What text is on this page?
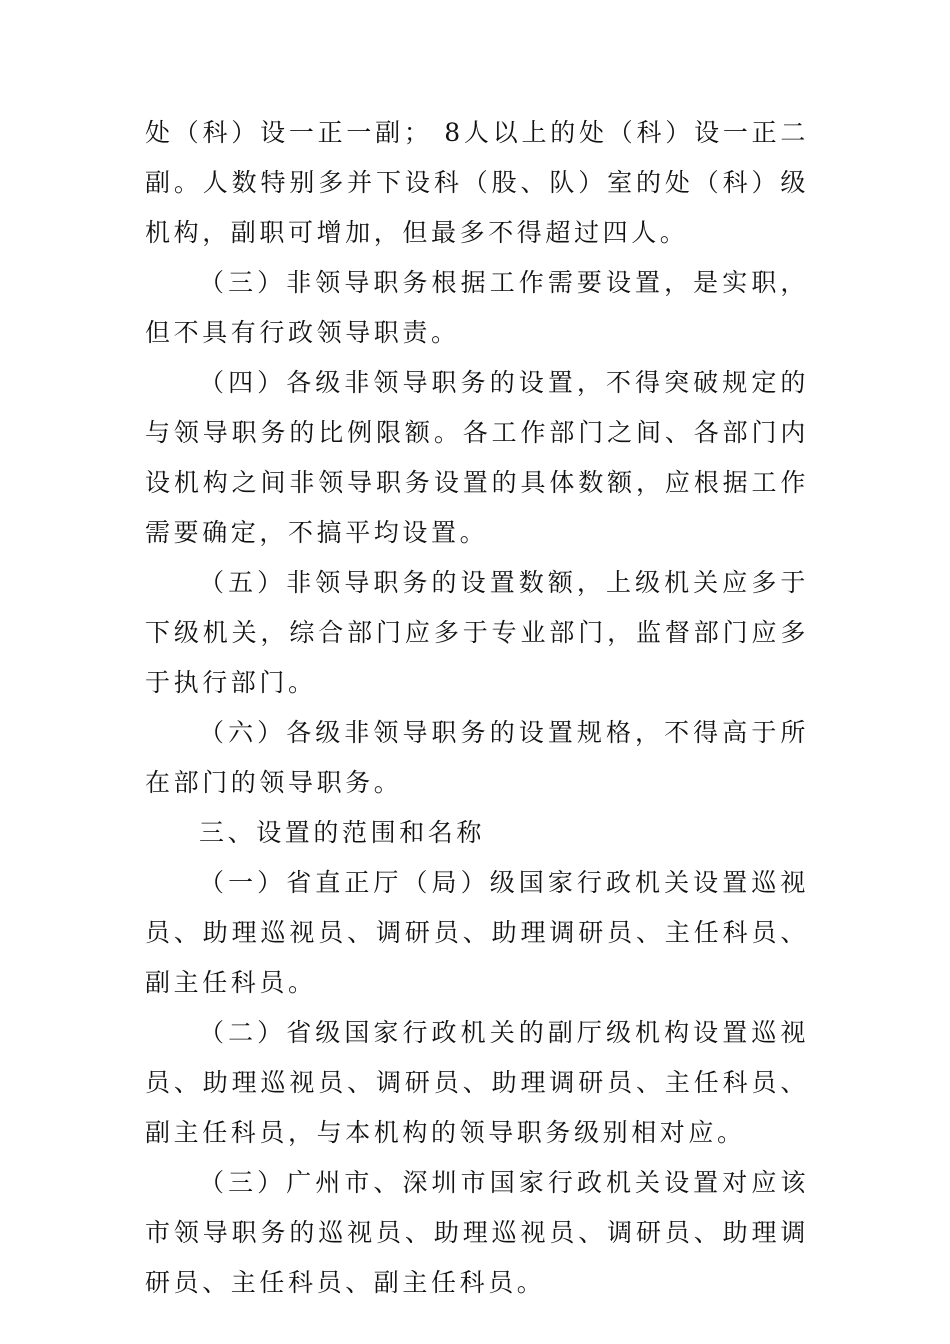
处（科）设一正一副； 8人以上的处（科）设一正二副。人数特别多并下设科（股、队）室的处（科）级机构，副职可增加，但最多不得超过四人。

（三）非领导职务根据工作需要设置，是实职，但不具有行政领导职责。

（四）各级非领导职务的设置，不得突破规定的与领导职务的比例限额。各工作部门之间、各部门内设机构之间非领导职务设置的具体数额，应根据工作需要确定，不搞平均设置。

（五）非领导职务的设置数额，上级机关应多于下级机关，综合部门应多于专业部门，监督部门应多于执行部门。

（六）各级非领导职务的设置规格，不得高于所在部门的领导职务。

三、设置的范围和名称

（一）省直正厅（局）级国家行政机关设置巡视员、助理巡视员、调研员、助理调研员、主任科员、副主任科员。

（二）省级国家行政机关的副厅级机构设置巡视员、助理巡视员、调研员、助理调研员、主任科员、副主任科员，与本机构的领导职务级别相对应。

（三）广州市、深圳市国家行政机关设置对应该市领导职务的巡视员、助理巡视员、调研员、助理调研员、主任科员、副主任科员。
